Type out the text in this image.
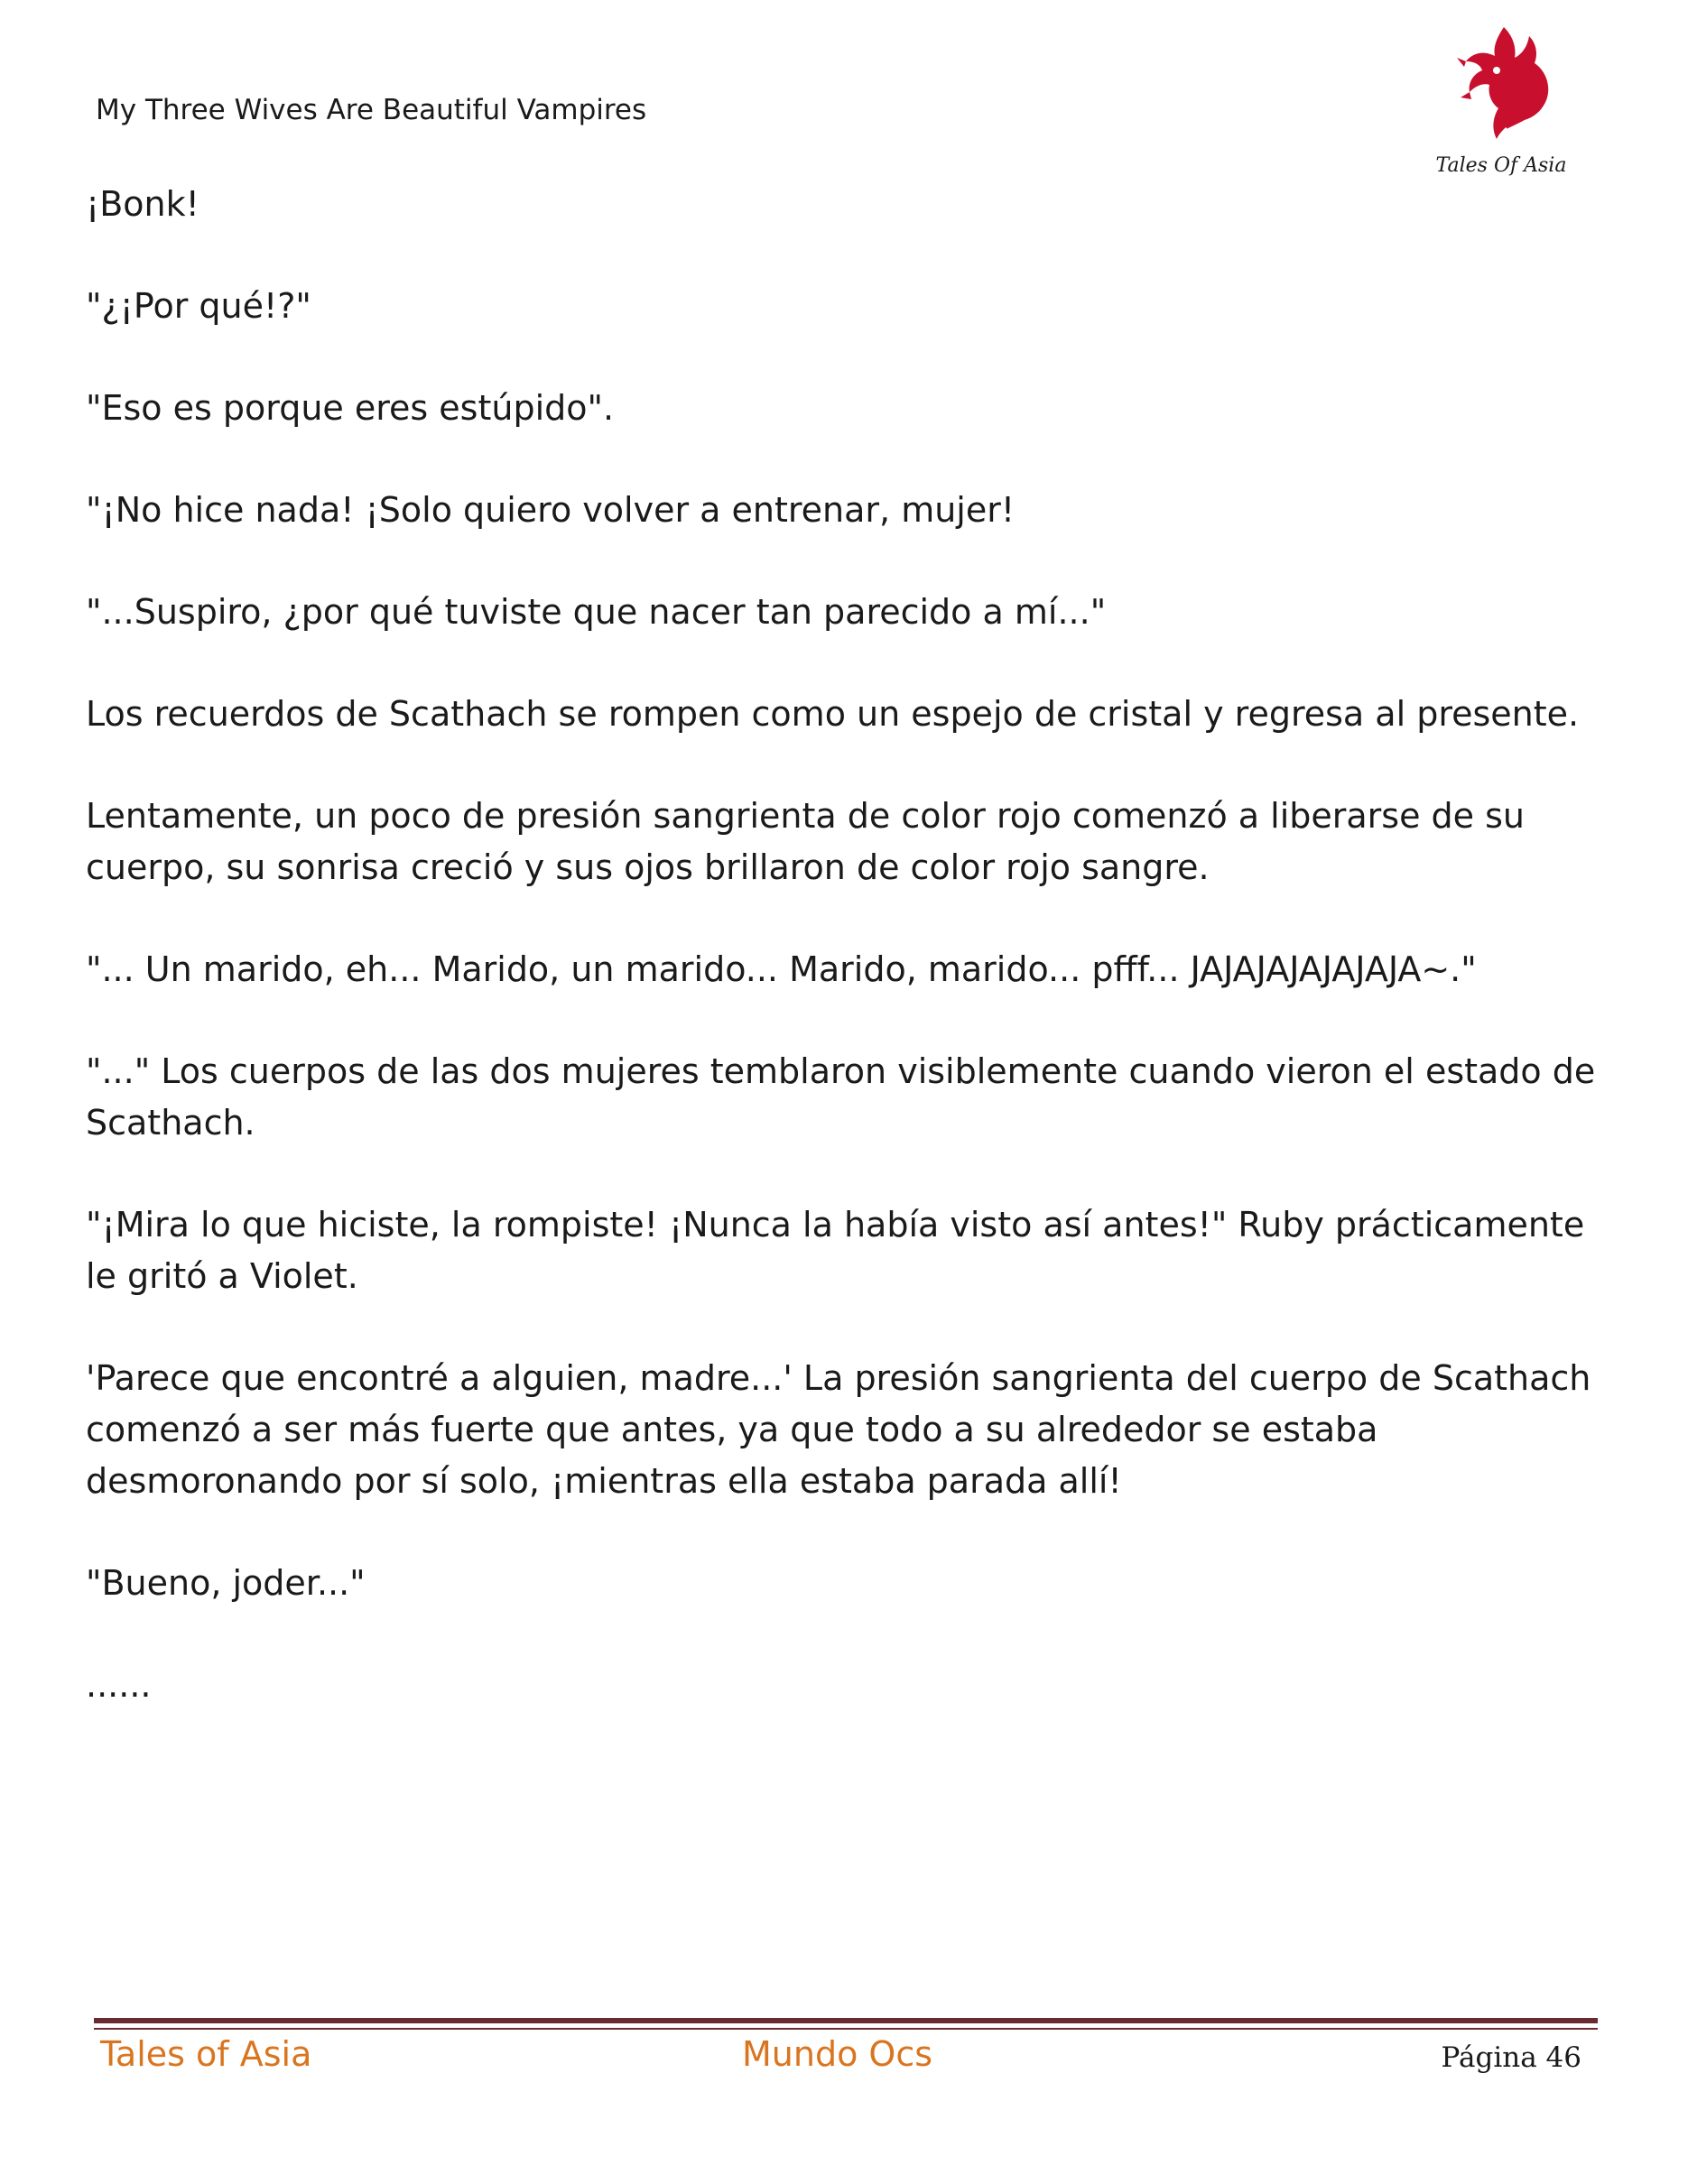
My Three Wives Are Beautiful Vampires
Tales Of Asia

¡Bonk!

"¿¡Por qué!?"

"Eso es porque eres estúpido".

"¡No hice nada! ¡Solo quiero volver a entrenar, mujer!

"...Suspiro, ¿por qué tuviste que nacer tan parecido a mí..."

Los recuerdos de Scathach se rompen como un espejo de cristal y regresa al presente.

Lentamente, un poco de presión sangrienta de color rojo comenzó a liberarse de su cuerpo, su sonrisa creció y sus ojos brillaron de color rojo sangre.

"... Un marido, eh... Marido, un marido... Marido, marido... pfff... JAJAJAJAJAJAJA~."

"..." Los cuerpos de las dos mujeres temblaron visiblemente cuando vieron el estado de Scathach.

"¡Mira lo que hiciste, la rompiste! ¡Nunca la había visto así antes!" Ruby prácticamente le gritó a Violet.

'Parece que encontré a alguien, madre...' La presión sangrienta del cuerpo de Scathach comenzó a ser más fuerte que antes, ya que todo a su alrededor se estaba desmoronando por sí solo, ¡mientras ella estaba parada allí!

"Bueno, joder..."

......

Tales of Asia	Mundo Ocs	Página 46
